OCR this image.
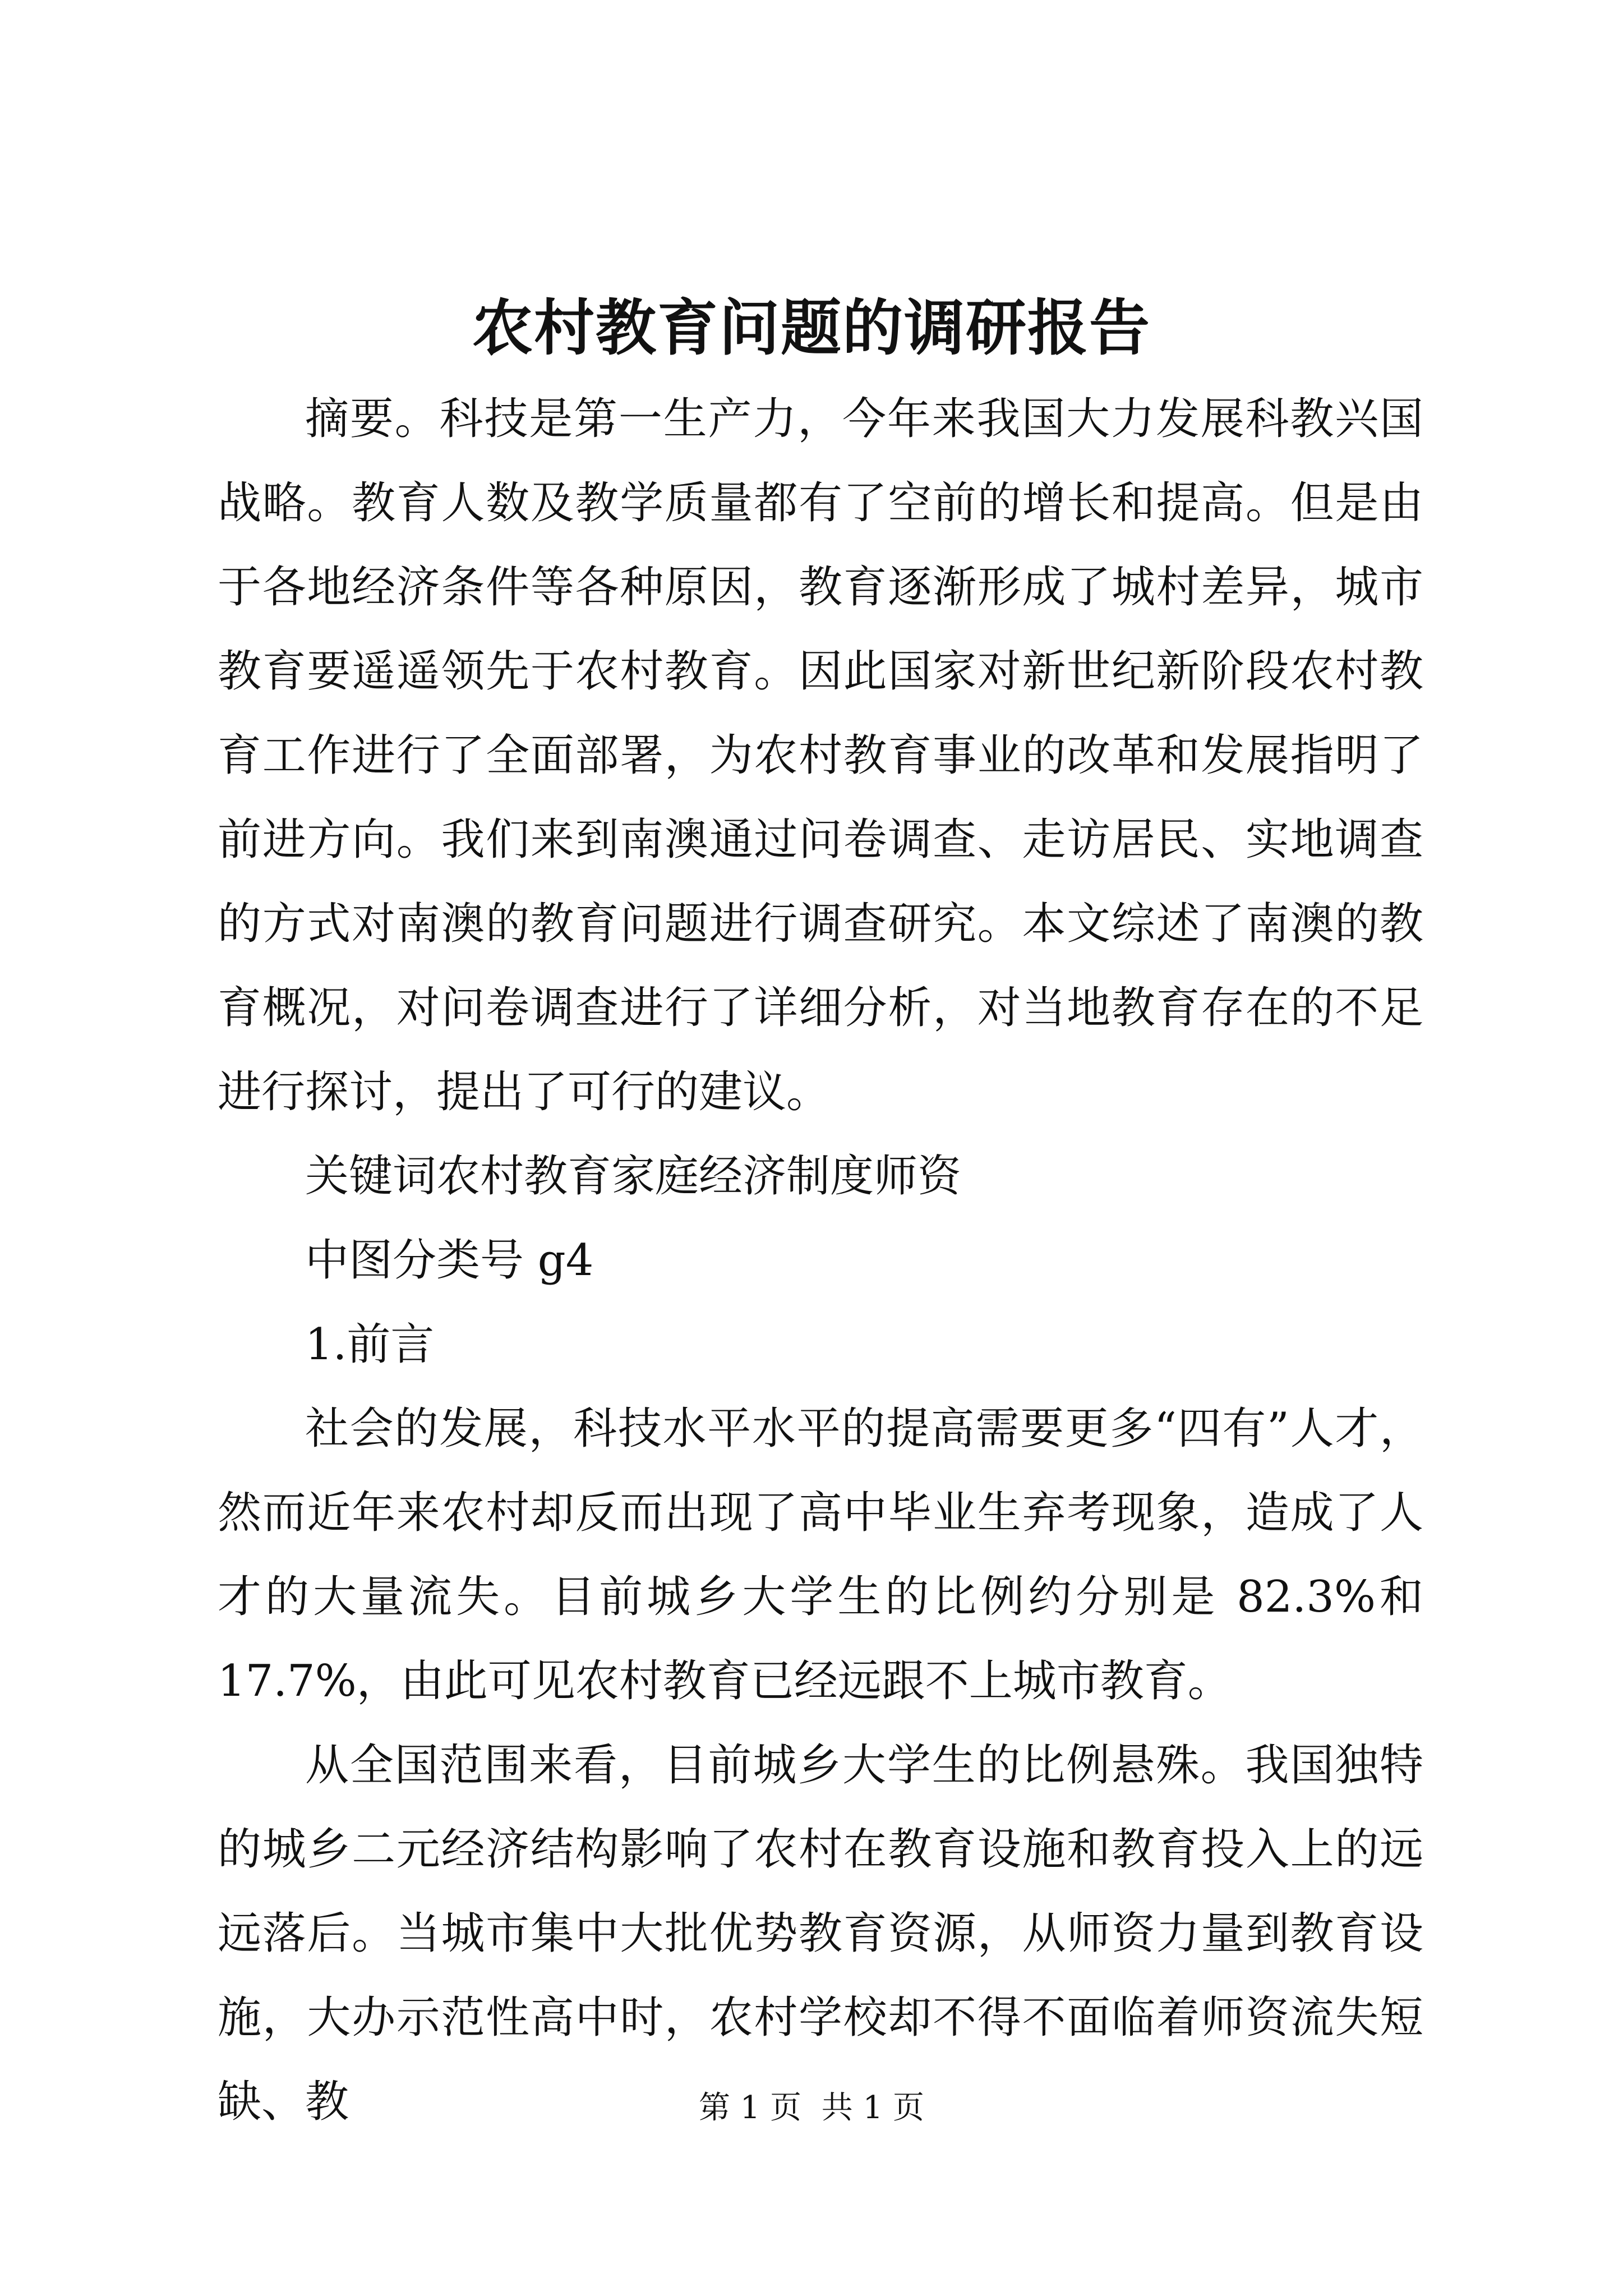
农村教育问题的调研报告

摘要。科技是第一生产力，今年来我国大力发展科教兴国战略。教育人数及教学质量都有了空前的增长和提高。但是由于各地经济条件等各种原因，教育逐渐形成了城村差异，城市教育要遥遥领先于农村教育。因此国家对新世纪新阶段农村教育工作进行了全面部署，为农村教育事业的改革和发展指明了前进方向。我们来到南澳通过问卷调查、走访居民、实地调查的方式对南澳的教育问题进行调查研究。本文综述了南澳的教育概况，对问卷调查进行了详细分析，对当地教育存在的不足进行探讨，提出了可行的建议。

关键词农村教育家庭经济制度师资

中图分类号 g4

1.前言

社会的发展，科技水平水平的提高需要更多“四有”人才，然而近年来农村却反而出现了高中毕业生弃考现象，造成了人才的大量流失。目前城乡大学生的比例约分别是 82.3%和 17.7%，由此可见农村教育已经远跟不上城市教育。

从全国范围来看，目前城乡大学生的比例悬殊。我国独特的城乡二元经济结构影响了农村在教育设施和教育投入上的远远落后。当城市集中大批优势教育资源，从师资力量到教育设施，大办示范性高中时，农村学校却不得不面临着师资流失短缺、教	第 1 页 共 1 页
